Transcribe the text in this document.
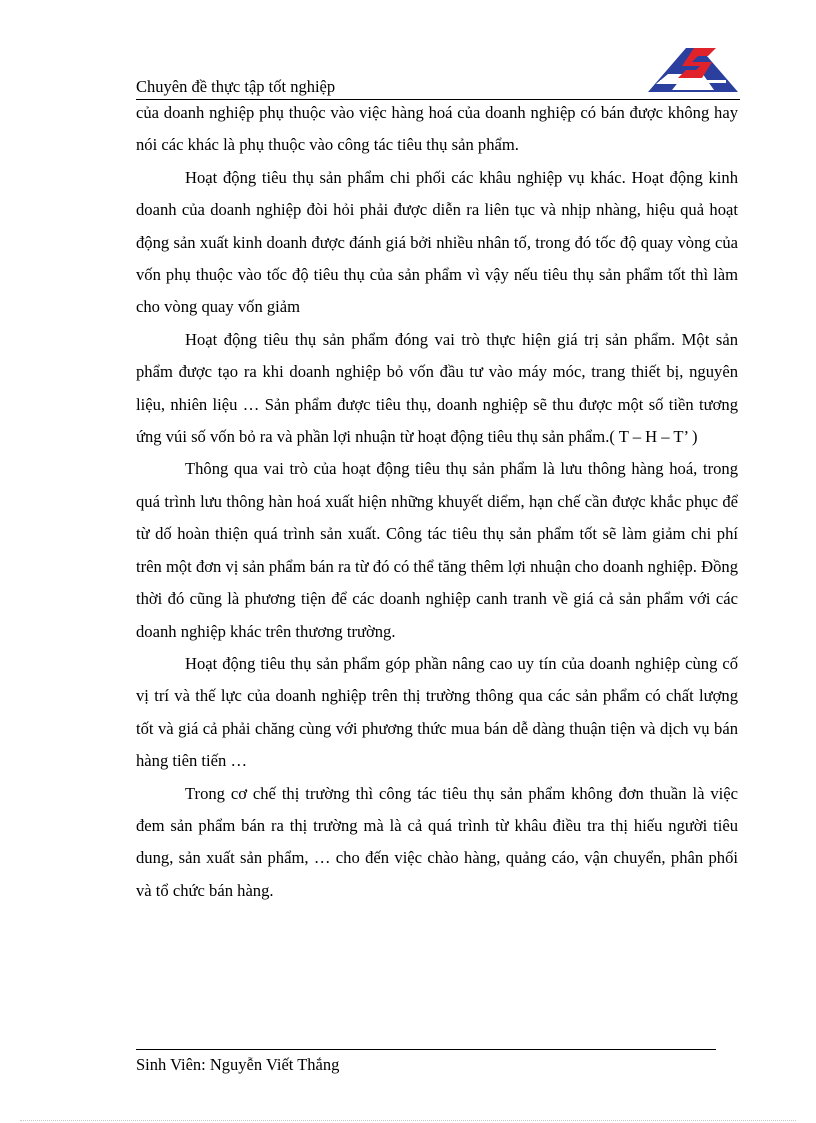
Chuyên đề thực tập tốt nghiệp

của doanh nghiệp phụ thuộc vào việc hàng hoá của doanh nghiệp có bán được không hay nói các khác là phụ thuộc vào công tác tiêu thụ sản phẩm.

Hoạt động tiêu thụ sản phẩm chi phối các khâu nghiệp vụ khác. Hoạt động kinh doanh của doanh nghiệp đòi hỏi phải được diễn ra liên tục và nhịp nhàng, hiệu quả hoạt động sản xuất kinh doanh được đánh giá bởi nhiều nhân tố, trong đó tốc độ quay vòng của vốn phụ thuộc vào tốc độ tiêu thụ của sản phẩm vì vậy nếu tiêu thụ sản phẩm tốt thì làm cho vòng quay vốn giảm

Hoạt động tiêu thụ sản phẩm đóng vai trò thực hiện giá trị sản phẩm. Một sản phẩm được tạo ra khi doanh nghiệp bỏ vốn đầu tư vào máy móc, trang thiết bị, nguyên liệu, nhiên liệu … Sản phẩm được tiêu thụ, doanh nghiệp sẽ thu được một số tiền tương ứng vúi số vốn bỏ ra và phần lợi nhuận từ hoạt động tiêu thụ sản phẩm.( T – H – T’ )

Thông qua vai trò của hoạt động tiêu thụ sản phẩm là lưu thông hàng hoá, trong quá trình lưu thông hàn hoá xuất hiện những khuyết diểm, hạn chế cần được khắc phục để từ dố hoàn thiện quá trình sản xuất. Công tác tiêu thụ sản phẩm tốt sẽ làm giảm chi phí trên một đơn vị sản phẩm bán ra từ đó có thể tăng thêm lợi nhuận cho doanh nghiệp. Đồng thời đó cũng là phương tiện để các doanh nghiệp canh tranh về giá cả sản phẩm với các doanh nghiệp khác trên thương trường.

Hoạt động tiêu thụ sản phẩm góp phần nâng cao uy tín của doanh nghiệp cùng cố vị trí và thế lực của doanh nghiệp trên thị trường thông qua các sản phẩm có chất lượng tốt và giá cả phải chăng cùng với phương thức mua bán dễ dàng thuận tiện và dịch vụ bán hàng tiên tiến …

Trong cơ chế thị trường thì công tác tiêu thụ sản phẩm không đơn thuần là việc đem sản phẩm bán ra thị trường mà là cả quá trình từ khâu điều tra thị hiếu người tiêu dung, sản xuất sản phẩm, … cho đến việc chào hàng, quảng cáo, vận chuyển, phân phối và tổ chức bán hàng.

Sinh Viên: Nguyễn Viết Thắng
